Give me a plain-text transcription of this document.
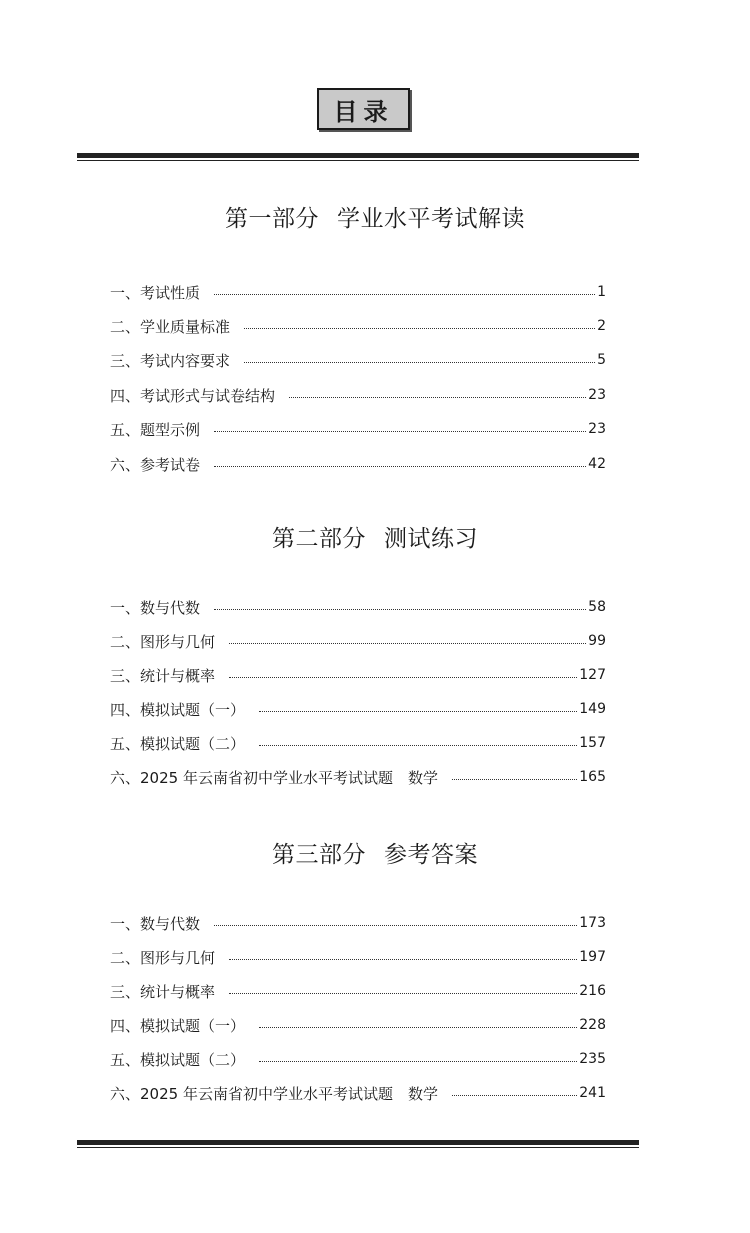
目录
第一部分 学业水平考试解读
一、考试性质	1
二、学业质量标准	2
三、考试内容要求	5
四、考试形式与试卷结构	23
五、题型示例	23
六、参考试卷	42
第二部分 测试练习
一、数与代数	58
二、图形与几何	99
三、统计与概率	127
四、模拟试题（一）	149
五、模拟试题（二）	157
六、2025 年云南省初中学业水平考试试题　数学	165
第三部分 参考答案
一、数与代数	173
二、图形与几何	197
三、统计与概率	216
四、模拟试题（一）	228
五、模拟试题（二）	235
六、2025 年云南省初中学业水平考试试题　数学	241
